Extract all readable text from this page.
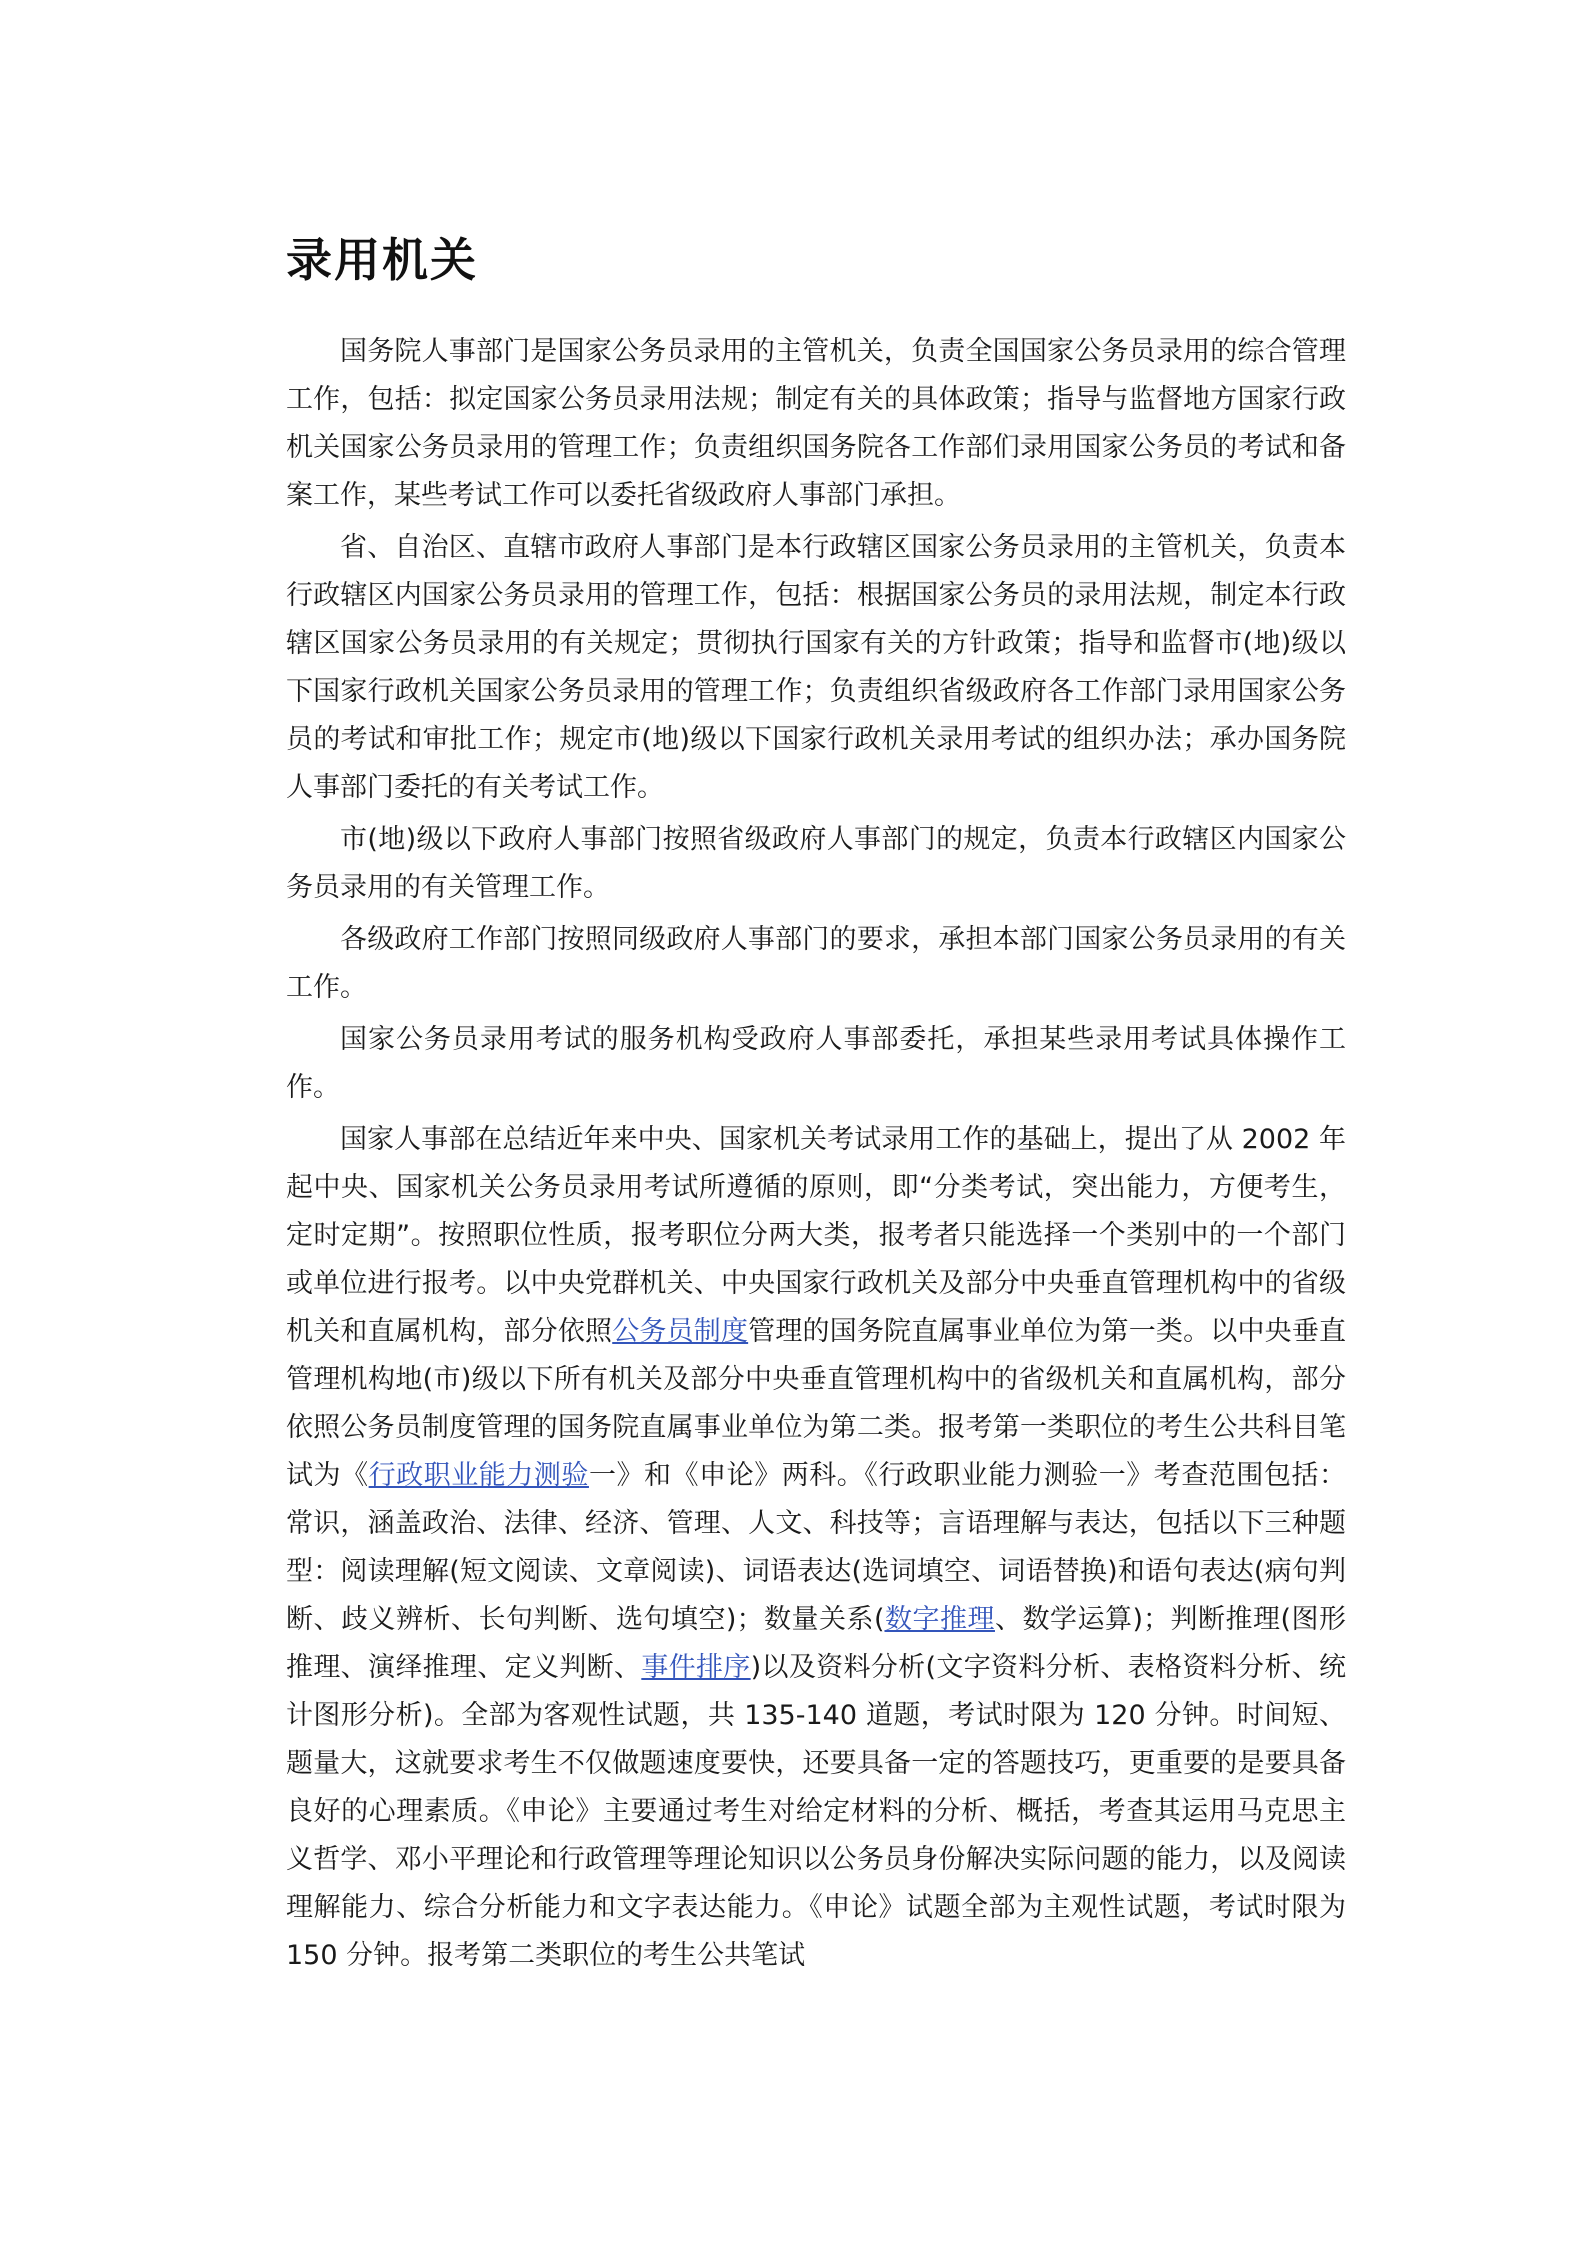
录用机关

国务院人事部门是国家公务员录用的主管机关，负责全国国家公务员录用的综合管理工作，包括：拟定国家公务员录用法规；制定有关的具体政策；指导与监督地方国家行政机关国家公务员录用的管理工作；负责组织国务院各工作部们录用国家公务员的考试和备案工作，某些考试工作可以委托省级政府人事部门承担。

省、自治区、直辖市政府人事部门是本行政辖区国家公务员录用的主管机关，负责本行政辖区内国家公务员录用的管理工作，包括：根据国家公务员的录用法规，制定本行政辖区国家公务员录用的有关规定；贯彻执行国家有关的方针政策；指导和监督市(地)级以下国家行政机关国家公务员录用的管理工作；负责组织省级政府各工作部门录用国家公务员的考试和审批工作；规定市(地)级以下国家行政机关录用考试的组织办法；承办国务院人事部门委托的有关考试工作。

市(地)级以下政府人事部门按照省级政府人事部门的规定，负责本行政辖区内国家公务员录用的有关管理工作。

各级政府工作部门按照同级政府人事部门的要求，承担本部门国家公务员录用的有关工作。

国家公务员录用考试的服务机构受政府人事部委托，承担某些录用考试具体操作工作。

国家人事部在总结近年来中央、国家机关考试录用工作的基础上，提出了从 2002 年起中央、国家机关公务员录用考试所遵循的原则，即“分类考试，突出能力，方便考生，定时定期”。按照职位性质，报考职位分两大类，报考者只能选择一个类别中的一个部门或单位进行报考。以中央党群机关、中央国家行政机关及部分中央垂直管理机构中的省级机关和直属机构，部分依照公务员制度管理的国务院直属事业单位为第一类。以中央垂直管理机构地(市)级以下所有机关及部分中央垂直管理机构中的省级机关和直属机构，部分依照公务员制度管理的国务院直属事业单位为第二类。报考第一类职位的考生公共科目笔试为《行政职业能力测验一》和《申论》两科。《行政职业能力测验一》考查范围包括：常识，涵盖政治、法律、经济、管理、人文、科技等；言语理解与表达，包括以下三种题型：阅读理解(短文阅读、文章阅读)、词语表达(选词填空、词语替换)和语句表达(病句判断、歧义辨析、长句判断、选句填空)；数量关系(数字推理、数学运算)；判断推理(图形推理、演绎推理、定义判断、事件排序)以及资料分析(文字资料分析、表格资料分析、统计图形分析)。全部为客观性试题，共 135-140 道题，考试时限为 120 分钟。时间短、题量大，这就要求考生不仅做题速度要快，还要具备一定的答题技巧，更重要的是要具备良好的心理素质。《申论》主要通过考生对给定材料的分析、概括，考查其运用马克思主义哲学、邓小平理论和行政管理等理论知识以公务员身份解决实际问题的能力，以及阅读理解能力、综合分析能力和文字表达能力。《申论》试题全部为主观性试题，考试时限为 150 分钟。报考第二类职位的考生公共笔试
